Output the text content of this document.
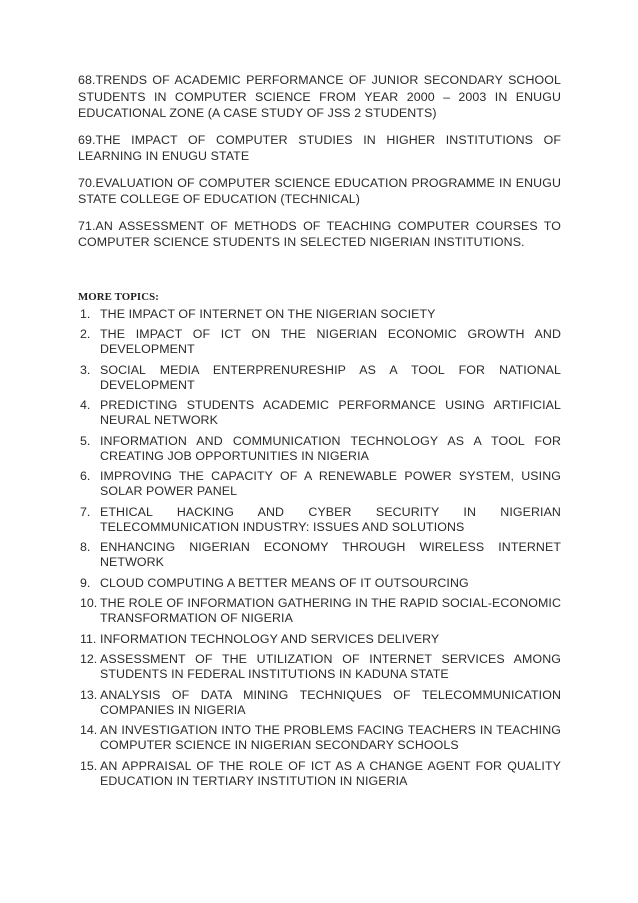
68.TRENDS OF ACADEMIC PERFORMANCE OF JUNIOR SECONDARY SCHOOL STUDENTS IN COMPUTER SCIENCE FROM YEAR 2000 – 2003 IN ENUGU EDUCATIONAL ZONE (A CASE STUDY OF JSS 2 STUDENTS)

69.THE IMPACT OF COMPUTER STUDIES IN HIGHER INSTITUTIONS OF LEARNING IN ENUGU STATE

70.EVALUATION OF COMPUTER SCIENCE EDUCATION PROGRAMME IN ENUGU STATE COLLEGE OF EDUCATION (TECHNICAL)

71.AN ASSESSMENT OF METHODS OF TEACHING COMPUTER COURSES TO COMPUTER SCIENCE STUDENTS IN SELECTED NIGERIAN INSTITUTIONS.

MORE TOPICS:
1. THE IMPACT OF INTERNET ON THE NIGERIAN SOCIETY
2. THE IMPACT OF ICT ON THE NIGERIAN ECONOMIC GROWTH AND DEVELOPMENT
3. SOCIAL MEDIA ENTERPRENURESHIP AS A TOOL FOR NATIONAL DEVELOPMENT
4. PREDICTING STUDENTS ACADEMIC PERFORMANCE USING ARTIFICIAL NEURAL NETWORK
5. INFORMATION AND COMMUNICATION TECHNOLOGY AS A TOOL FOR CREATING JOB OPPORTUNITIES IN NIGERIA
6. IMPROVING THE CAPACITY OF A RENEWABLE POWER SYSTEM, USING SOLAR POWER PANEL
7. ETHICAL HACKING AND CYBER SECURITY IN NIGERIAN TELECOMMUNICATION INDUSTRY: ISSUES AND SOLUTIONS
8. ENHANCING NIGERIAN ECONOMY THROUGH WIRELESS INTERNET NETWORK
9. CLOUD COMPUTING A BETTER MEANS OF IT OUTSOURCING
10. THE ROLE OF INFORMATION GATHERING IN THE RAPID SOCIAL-ECONOMIC TRANSFORMATION OF NIGERIA
11. INFORMATION TECHNOLOGY AND SERVICES DELIVERY
12. ASSESSMENT OF THE UTILIZATION OF INTERNET SERVICES AMONG STUDENTS IN FEDERAL INSTITUTIONS IN KADUNA STATE
13. ANALYSIS OF DATA MINING TECHNIQUES OF TELECOMMUNICATION COMPANIES IN NIGERIA
14. AN INVESTIGATION INTO THE PROBLEMS FACING TEACHERS IN TEACHING COMPUTER SCIENCE IN NIGERIAN SECONDARY SCHOOLS
15. AN APPRAISAL OF THE ROLE OF ICT AS A CHANGE AGENT FOR QUALITY EDUCATION IN TERTIARY INSTITUTION IN NIGERIA
